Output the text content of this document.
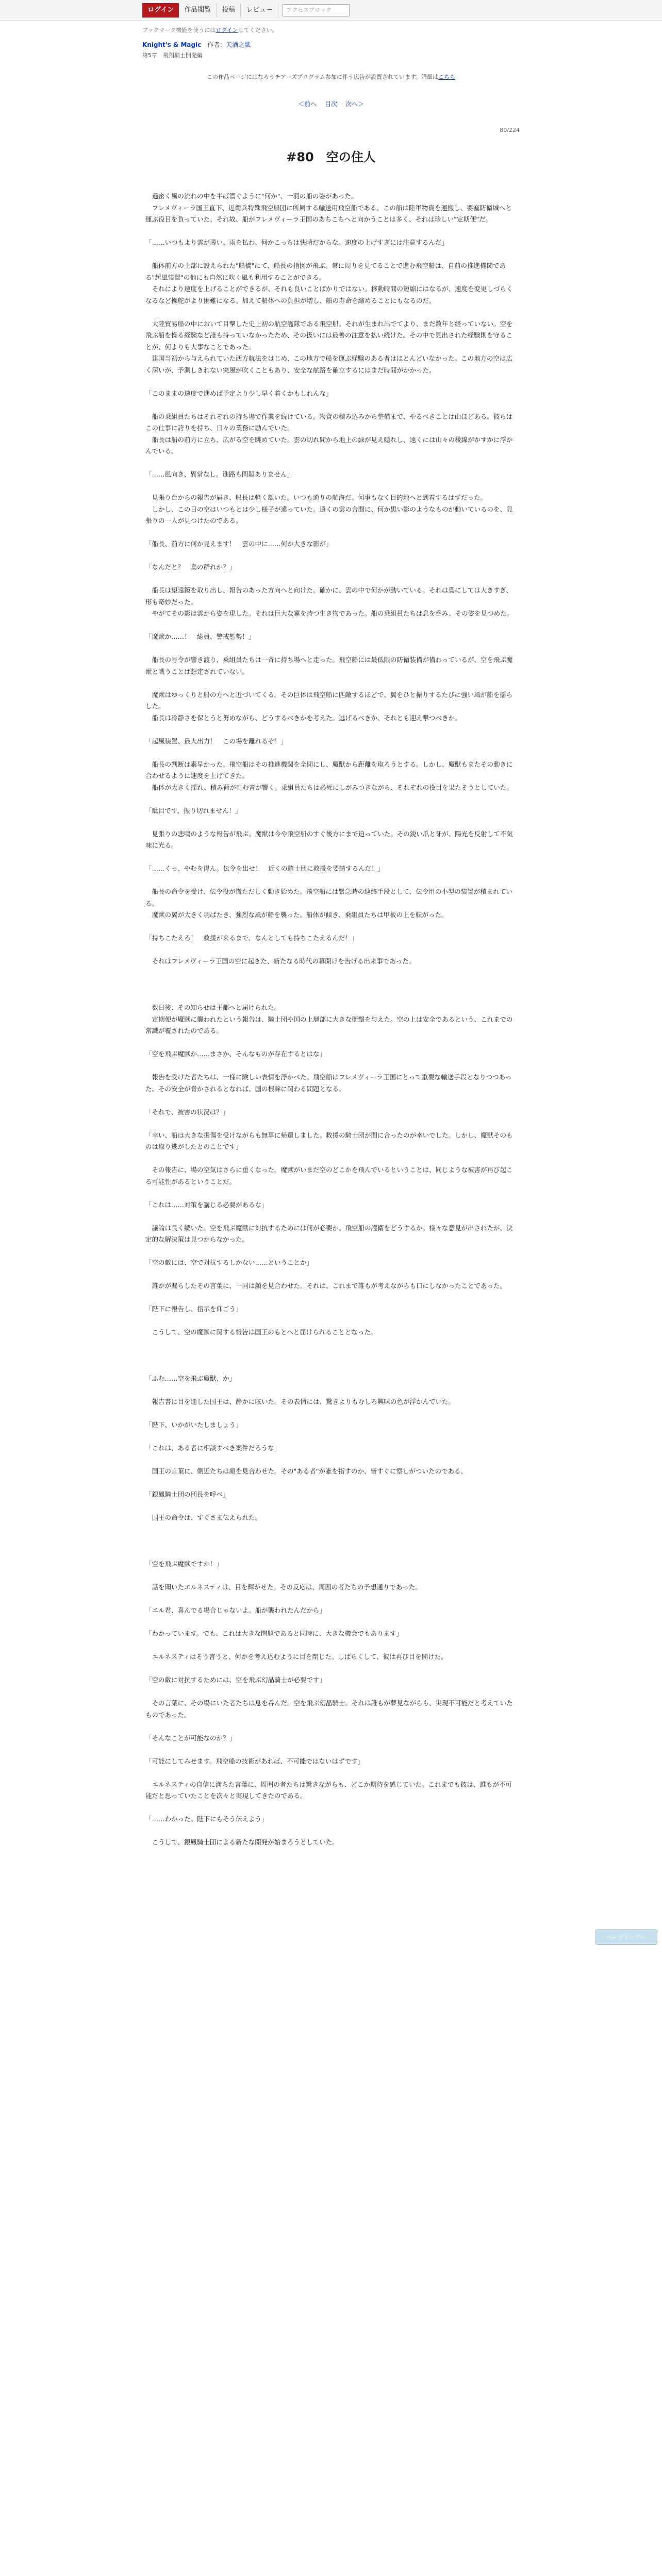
ログイン	作品閲覧	投稿	レビュー
アクセスブロック
ブックマーク機能を使うにはログインしてください。
Knight's & Magic 作者：天酒之瓢
第5章　飛翔騎士開発編
この作品ページにはなろうチアーズプログラム参加に伴う広告が設置されています。詳細はこちら
＜前へ 目次 次へ＞
80/224
#80　空の住人

　過密く風の流れの中を半ば漕ぐように"何か"、一羽の船の姿があった。

　フレメヴィーラ国王直下、近衛兵特殊飛空船団に所属する輸送用飛空船である。この船は陸軍物資を運搬し、要塞防衛城へと運ぶ役目を負っていた。それ故、船がフレメヴィーラ王国のあちこちへと向かうことは多く、それは珍しい"定期便"だ。

「……いつもより雲が薄い。雨を払わ、何かこっちは快晴だからな。速度の上げすぎには注意するんだ」

　船体前方の上部に設えられた"船橋"にて、船長の指図が飛ぶ。常に周りを見てることで進む飛空船は、自前の推進機関である"起風装置"の他にも自然に吹く風も利用することができる。

　それにより速度を上げることができるが、それも良いことばかりではない。移動時間の短縮にはなるが、速度を変更しづらくなるなど操舵がより困難になる。加えて船体への負担が増し、船の寿命を縮めることにもなるのだ。

　大陸貿易船の中において目撃した史上初の航空艦隊である飛空船。それが生まれ出でてより、まだ数年と経っていない。空を飛ぶ船を操る経験など誰も持っていなかったため、その扱いには最善の注意を払い続けた。その中で見出された経験則を守ることが、何よりも大事なことであった。

　建国当初から与えられていた西方航法をはじめ、この地方で船を運ぶ経験のある者はほとんどいなかった。この地方の空は広く深いが、予測しきれない突風が吹くこともあり、安全な航路を確立するにはまだ時間がかかった。

「このままの速度で進めば予定より少し早く着くかもしれんな」

　船の乗組員たちはそれぞれの持ち場で作業を続けている。物資の積み込みから整備まで、やるべきことは山ほどある。彼らはこの仕事に誇りを持ち、日々の業務に励んでいた。

　船長は船の前方に立ち、広がる空を眺めていた。雲の切れ間から地上の緑が見え隠れし、遠くには山々の稜線がかすかに浮かんでいる。

「……風向き、異常なし。進路も問題ありません」

　見張り台からの報告が届き、船長は軽く頷いた。いつも通りの航海だ。何事もなく目的地へと到着するはずだった。

　しかし、この日の空はいつもとは少し様子が違っていた。遠くの雲の合間に、何か黒い影のようなものが動いているのを、見張りの一人が見つけたのである。

「船長、前方に何か見えます！　雲の中に……何か大きな影が」

「なんだと？　鳥の群れか？」

　船長は望遠鏡を取り出し、報告のあった方向へと向けた。確かに、雲の中で何かが動いている。それは鳥にしては大きすぎ、形も奇妙だった。

　やがてその影は雲から姿を現した。それは巨大な翼を持つ生き物であった。船の乗組員たちは息を呑み、その姿を見つめた。

「魔獣か……！　総員、警戒態勢！」

　船長の号令が響き渡り、乗組員たちは一斉に持ち場へと走った。飛空船には最低限の防衛装備が備わっているが、空を飛ぶ魔獣と戦うことは想定されていない。

　魔獣はゆっくりと船の方へと近づいてくる。その巨体は飛空船に匹敵するほどで、翼をひと振りするたびに強い風が船を揺らした。

　船長は冷静さを保とうと努めながら、どうするべきかを考えた。逃げるべきか、それとも迎え撃つべきか。

「起風装置、最大出力！　この場を離れるぞ！」

　船長の判断は素早かった。飛空船はその推進機関を全開にし、魔獣から距離を取ろうとする。しかし、魔獣もまたその動きに合わせるように速度を上げてきた。

　船体が大きく揺れ、積み荷が軋む音が響く。乗組員たちは必死にしがみつきながら、それぞれの役目を果たそうとしていた。

「駄目です、振り切れません！」

　見張りの悲鳴のような報告が飛ぶ。魔獣は今や飛空船のすぐ後方にまで迫っていた。その鋭い爪と牙が、陽光を反射して不気味に光る。

「……くっ、やむを得ん。伝令を出せ！　近くの騎士団に救援を要請するんだ！」

　船長の命令を受け、伝令役が慌ただしく動き始めた。飛空船には緊急時の連絡手段として、伝令用の小型の装置が積まれている。

　魔獣の翼が大きく羽ばたき、強烈な風が船を襲った。船体が傾き、乗組員たちは甲板の上を転がった。

「持ちこたえろ！　救援が来るまで、なんとしても持ちこたえるんだ！」

　それはフレメヴィーラ王国の空に起きた、新たなる時代の幕開けを告げる出来事であった。

　数日後、その知らせは王都へと届けられた。

　定期便が魔獣に襲われたという報告は、騎士団や国の上層部に大きな衝撃を与えた。空の上は安全であるという、これまでの常識が覆されたのである。

「空を飛ぶ魔獣か……まさか、そんなものが存在するとはな」

　報告を受けた者たちは、一様に険しい表情を浮かべた。飛空船はフレメヴィーラ王国にとって重要な輸送手段となりつつあった。その安全が脅かされるとなれば、国の根幹に関わる問題となる。

「それで、被害の状況は？」

「幸い、船は大きな損傷を受けながらも無事に帰還しました。救援の騎士団が間に合ったのが幸いでした。しかし、魔獣そのものは取り逃がしたとのことです」

　その報告に、場の空気はさらに重くなった。魔獣がいまだ空のどこかを飛んでいるということは、同じような被害が再び起こる可能性があるということだ。

「これは……対策を講じる必要があるな」

　議論は長く続いた。空を飛ぶ魔獣に対抗するためには何が必要か。飛空船の護衛をどうするか。様々な意見が出されたが、決定的な解決策は見つからなかった。

「空の敵には、空で対抗するしかない……ということか」

　誰かが漏らしたその言葉に、一同は顔を見合わせた。それは、これまで誰もが考えながらも口にしなかったことであった。

「陛下に報告し、指示を仰ごう」

　こうして、空の魔獣に関する報告は国王のもとへと届けられることとなった。

「ふむ……空を飛ぶ魔獣、か」

　報告書に目を通した国王は、静かに呟いた。その表情には、驚きよりもむしろ興味の色が浮かんでいた。

「陛下、いかがいたしましょう」

「これは、ある者に相談すべき案件だろうな」

　国王の言葉に、側近たちは顔を見合わせた。その"ある者"が誰を指すのか、皆すぐに察しがついたのである。

「銀鳳騎士団の団長を呼べ」

　国王の命令は、すぐさま伝えられた。

「空を飛ぶ魔獣ですか！」

　話を聞いたエルネスティは、目を輝かせた。その反応は、周囲の者たちの予想通りであった。

「エル君、喜んでる場合じゃないよ。船が襲われたんだから」

「わかっています。でも、これは大きな問題であると同時に、大きな機会でもあります」

　エルネスティはそう言うと、何かを考え込むように目を閉じた。しばらくして、彼は再び目を開けた。

「空の敵に対抗するためには、空を飛ぶ幻晶騎士が必要です」

　その言葉に、その場にいた者たちは息を呑んだ。空を飛ぶ幻晶騎士。それは誰もが夢見ながらも、実現不可能だと考えていたものであった。

「そんなことが可能なのか？」

「可能にしてみせます。飛空船の技術があれば、不可能ではないはずです」

　エルネスティの自信に満ちた言葉に、周囲の者たちは驚きながらも、どこか期待を感じていた。これまでも彼は、誰もが不可能だと思っていたことを次々と実現してきたのである。

「……わかった。陛下にもそう伝えよう」

　こうして、銀鳳騎士団による新たな開発が始まろうとしていた。

ページトップへ
